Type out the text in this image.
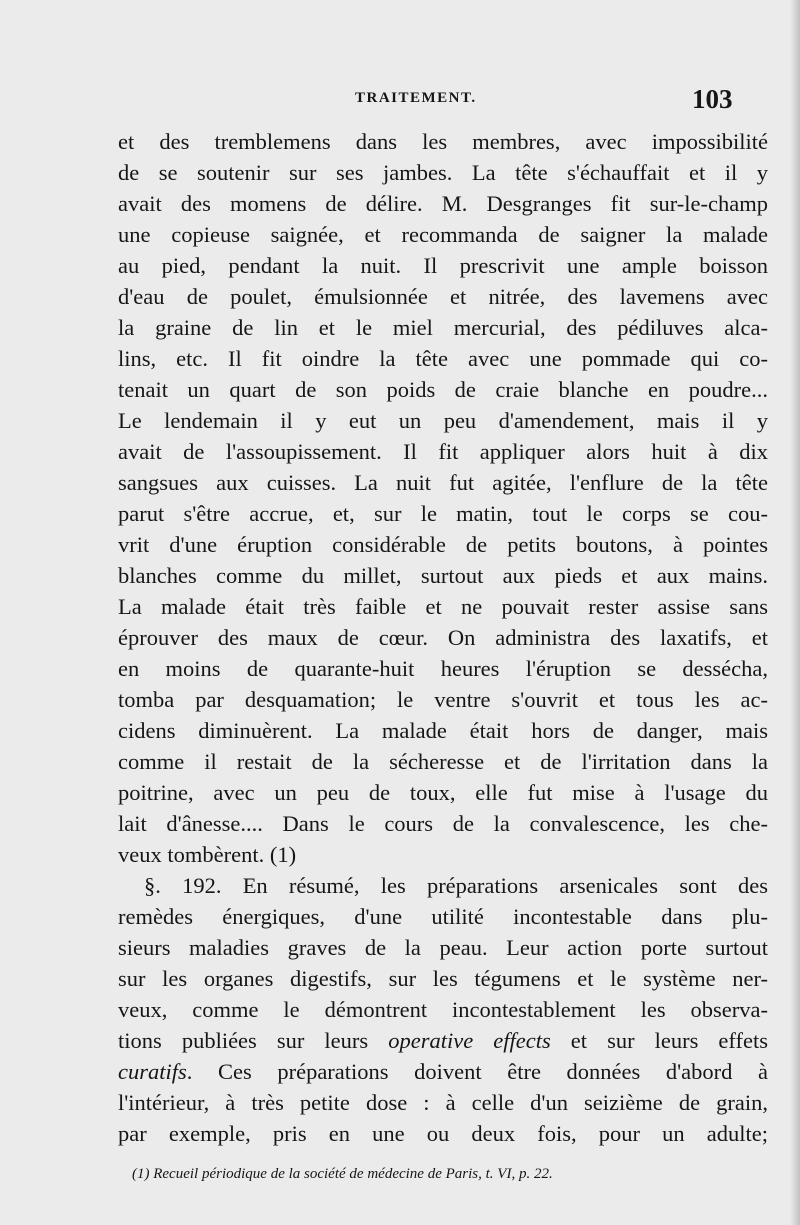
TRAITEMENT.	103
et des tremblemens dans les membres, avec impossibilité
de se soutenir sur ses jambes. La tête s'échauffait et il y
avait des momens de délire. M. Desgranges fit sur-le-champ
une copieuse saignée, et recommanda de saigner la malade
au pied, pendant la nuit. Il prescrivit une ample boisson
d'eau de poulet, émulsionnée et nitrée, des lavemens avec
la graine de lin et le miel mercurial, des pédiluves alca-
lins, etc. Il fit oindre la tête avec une pommade qui co-
tenait un quart de son poids de craie blanche en poudre...
Le lendemain il y eut un peu d'amendement, mais il y
avait de l'assoupissement. Il fit appliquer alors huit à dix
sangsues aux cuisses. La nuit fut agitée, l'enflure de la tête
parut s'être accrue, et, sur le matin, tout le corps se cou-
vrit d'une éruption considérable de petits boutons, à pointes
blanches comme du millet, surtout aux pieds et aux mains.
La malade était très faible et ne pouvait rester assise sans
éprouver des maux de cœur. On administra des laxatifs, et
en moins de quarante-huit heures l'éruption se dessécha,
tomba par desquamation; le ventre s'ouvrit et tous les ac-
cidens diminuèrent. La malade était hors de danger, mais
comme il restait de la sécheresse et de l'irritation dans la
poitrine, avec un peu de toux, elle fut mise à l'usage du
lait d'ânesse.... Dans le cours de la convalescence, les che-
veux tombèrent. (1)
§. 192. En résumé, les préparations arsenicales sont des
remèdes énergiques, d'une utilité incontestable dans plu-
sieurs maladies graves de la peau. Leur action porte surtout
sur les organes digestifs, sur les tégumens et le système ner-
veux, comme le démontrent incontestablement les observa-
tions publiées sur leurs operative effects et sur leurs effets
curatifs. Ces préparations doivent être données d'abord à
l'intérieur, à très petite dose : à celle d'un seizième de grain,
par exemple, pris en une ou deux fois, pour un adulte;
(1) Recueil périodique de la société de médecine de Paris, t. VI, p. 22.
